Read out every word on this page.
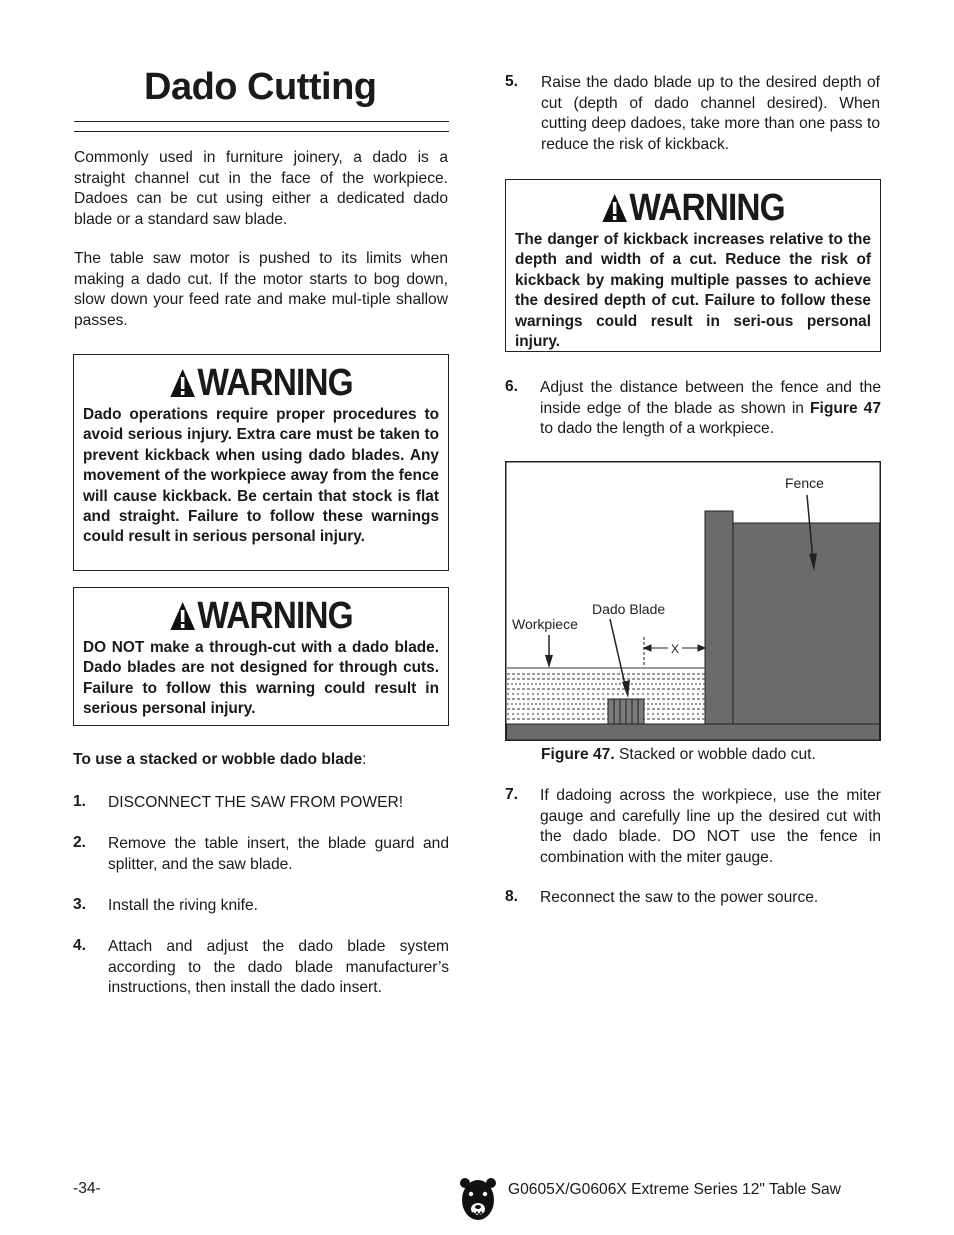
Dado Cutting
Commonly used in furniture joinery, a dado is a straight channel cut in the face of the workpiece. Dadoes can be cut using either a dedicated dado blade or a standard saw blade.
The table saw motor is pushed to its limits when making a dado cut. If the motor starts to bog down, slow down your feed rate and make mul-tiple shallow passes.
WARNING
Dado operations require proper procedures to avoid serious injury. Extra care must be taken to prevent kickback when using dado blades. Any movement of the workpiece away from the fence will cause kickback. Be certain that stock is flat and straight. Failure to follow these warnings could result in serious personal injury.
WARNING
DO NOT make a through-cut with a dado blade. Dado blades are not designed for through cuts. Failure to follow this warning could result in serious personal injury.
To use a stacked or wobble dado blade:
1. DISCONNECT THE SAW FROM POWER!
2. Remove the table insert, the blade guard and splitter, and the saw blade.
3. Install the riving knife.
4. Attach and adjust the dado blade system according to the dado blade manufacturer’s instructions, then install the dado insert.
5. Raise the dado blade up to the desired depth of cut (depth of dado channel desired). When cutting deep dadoes, take more than one pass to reduce the risk of kickback.
WARNING
The danger of kickback increases relative to the depth and width of a cut. Reduce the risk of kickback by making multiple passes to achieve the desired depth of cut. Failure to follow these warnings could result in seri-ous personal injury.
6. Adjust the distance between the fence and the inside edge of the blade as shown in Figure 47 to dado the length of a workpiece.
X
Fence
Dado Blade
Workpiece
Figure 47. Stacked or wobble dado cut.
7. If dadoing across the workpiece, use the miter gauge and carefully line up the desired cut with the dado blade. DO NOT use the fence in combination with the miter gauge.
8. Reconnect the saw to the power source.
-34-	G0605X/G0606X Extreme Series 12" Table Saw
